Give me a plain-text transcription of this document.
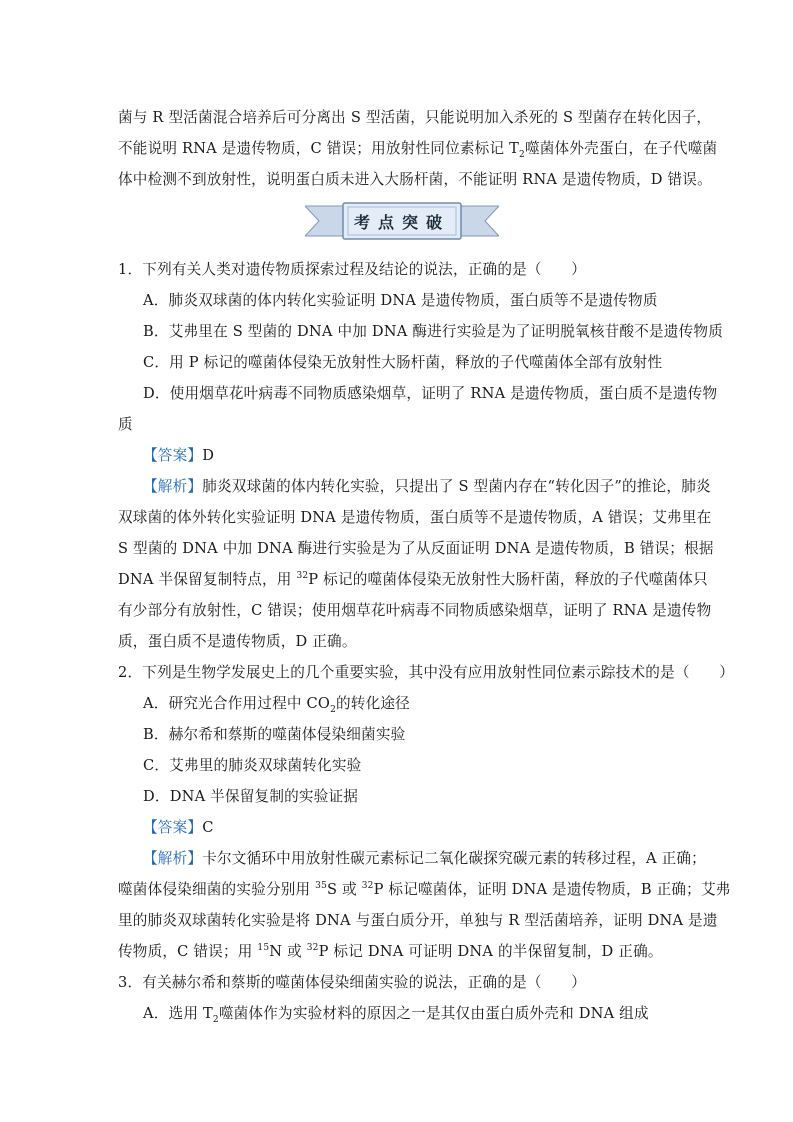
菌与 R 型活菌混合培养后可分离出 S 型活菌，只能说明加入杀死的 S 型菌存在转化因子，
不能说明 RNA 是遗传物质，C 错误；用放射性同位素标记 $T_2$噬菌体外壳蛋白，在子代噬菌
体中检测不到放射性，说明蛋白质未进入大肠杆菌，不能证明 RNA 是遗传物质，D 错误。
考点突破
1．下列有关人类对遗传物质探索过程及结论的说法，正确的是（　　）
A．肺炎双球菌的体内转化实验证明 DNA 是遗传物质，蛋白质等不是遗传物质
B．艾弗里在 S 型菌的 DNA 中加 DNA 酶进行实验是为了证明脱氧核苷酸不是遗传物质
C．用 P 标记的噬菌体侵染无放射性大肠杆菌，释放的子代噬菌体全部有放射性
D．使用烟草花叶病毒不同物质感染烟草，证明了 RNA 是遗传物质，蛋白质不是遗传物
质
【答案】D
【解析】肺炎双球菌的体内转化实验，只提出了 S 型菌内存在“转化因子”的推论，肺炎
双球菌的体外转化实验证明 DNA 是遗传物质，蛋白质等不是遗传物质，A 错误；艾弗里在
S 型菌的 DNA 中加 DNA 酶进行实验是为了从反面证明 DNA 是遗传物质，B 错误；根据
DNA 半保留复制特点，用 $^{32}$P 标记的噬菌体侵染无放射性大肠杆菌，释放的子代噬菌体只
有少部分有放射性，C 错误；使用烟草花叶病毒不同物质感染烟草，证明了 RNA 是遗传物
质，蛋白质不是遗传物质，D 正确。
2．下列是生物学发展史上的几个重要实验，其中没有应用放射性同位素示踪技术的是（　　）
A．研究光合作用过程中 $CO_2$的转化途径
B．赫尔希和蔡斯的噬菌体侵染细菌实验
C．艾弗里的肺炎双球菌转化实验
D．DNA 半保留复制的实验证据
【答案】C
【解析】卡尔文循环中用放射性碳元素标记二氧化碳探究碳元素的转移过程，A 正确；
噬菌体侵染细菌的实验分别用 $^{35}$S 或 $^{32}$P 标记噬菌体，证明 DNA 是遗传物质，B 正确；艾弗
里的肺炎双球菌转化实验是将 DNA 与蛋白质分开，单独与 R 型活菌培养，证明 DNA 是遗
传物质，C 错误；用 $^{15}$N 或 $^{32}$P 标记 DNA 可证明 DNA 的半保留复制，D 正确。
3．有关赫尔希和蔡斯的噬菌体侵染细菌实验的说法，正确的是（　　）
A．选用 $T_2$噬菌体作为实验材料的原因之一是其仅由蛋白质外壳和 DNA 组成
